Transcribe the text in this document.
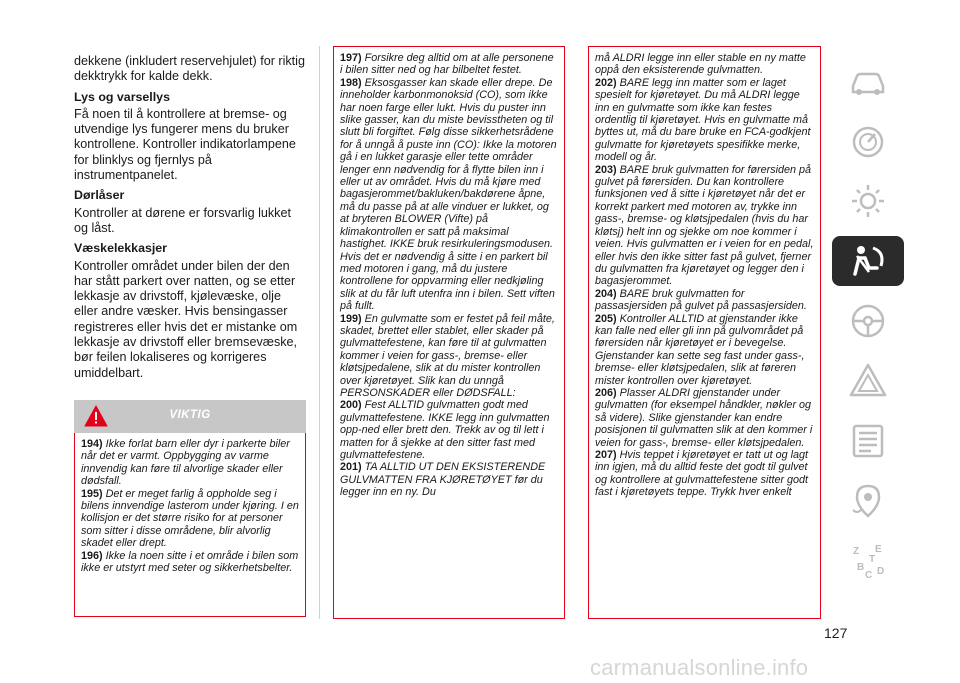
dekkene (inkludert reservehjulet) for riktig dekktrykk for kalde dekk.

Lys og varsellys

Få noen til å kontrollere at bremse- og utvendige lys fungerer mens du bruker kontrollene. Kontroller indikatorlampene for blinklys og fjernlys på instrumentpanelet.

Dørlåser

Kontroller at dørene er forsvarlig lukket og låst.

Væskelekkasjer

Kontroller området under bilen der den har stått parkert over natten, og se etter lekkasje av drivstoff, kjølevæske, olje eller andre væsker. Hvis bensingasser registreres eller hvis det er mistanke om lekkasje av drivstoff eller bremsevæske, bør feilen lokaliseres og korrigeres umiddelbart.

VIKTIG

194) Ikke forlat barn eller dyr i parkerte biler når det er varmt. Oppbygging av varme innvendig kan føre til alvorlige skader eller dødsfall.

195) Det er meget farlig å oppholde seg i bilens innvendige lasterom under kjøring. I en kollisjon er det større risiko for at personer som sitter i disse områdene, blir alvorlig skadet eller drept.

196) Ikke la noen sitte i et område i bilen som ikke er utstyrt med seter og sikkerhetsbelter.

197) Forsikre deg alltid om at alle personene i bilen sitter ned og har bilbeltet festet.

198) Eksosgasser kan skade eller drepe. De inneholder karbonmonoksid (CO), som ikke har noen farge eller lukt. Hvis du puster inn slike gasser, kan du miste bevisstheten og til slutt bli forgiftet. Følg disse sikkerhetsrådene for å unngå å puste inn (CO): Ikke la motoren gå i en lukket garasje eller tette områder lenger enn nødvendig for å flytte bilen inn i eller ut av området. Hvis du må kjøre med bagasjerommet/bakluken/bakdørene åpne, må du passe på at alle vinduer er lukket, og at bryteren BLOWER (Vifte) på klimakontrollen er satt på maksimal hastighet. IKKE bruk resirkuleringsmodusen. Hvis det er nødvendig å sitte i en parkert bil med motoren i gang, må du justere kontrollene for oppvarming eller nedkjøling slik at du får luft utenfra inn i bilen. Sett viften på fullt.

199) En gulvmatte som er festet på feil måte, skadet, brettet eller stablet, eller skader på gulvmattefestene, kan føre til at gulvmatten kommer i veien for gass-, bremse- eller kløtsjpedalene, slik at du mister kontrollen over kjøretøyet. Slik kan du unngå PERSONSKADER eller DØDSFALL:

200) Fest ALLTID gulvmatten godt med gulvmattefestene. IKKE legg inn gulvmatten opp-ned eller brett den. Trekk av og til lett i matten for å sjekke at den sitter fast med gulvmattefestene.

201) TA ALLTID UT DEN EKSISTERENDE GULVMATTEN FRA KJØRETØYET før du legger inn en ny. Du

må ALDRI legge inn eller stable en ny matte oppå den eksisterende gulvmatten.

202) BARE legg inn matter som er laget spesielt for kjøretøyet. Du må ALDRI legge inn en gulvmatte som ikke kan festes ordentlig til kjøretøyet. Hvis en gulvmatte må byttes ut, må du bare bruke en FCA-godkjent gulvmatte for kjøretøyets spesifikke merke, modell og år.

203) BARE bruk gulvmatten for førersiden på gulvet på førersiden. Du kan kontrollere funksjonen ved å sitte i kjøretøyet når det er korrekt parkert med motoren av, trykke inn gass-, bremse- og kløtsjpedalen (hvis du har kløtsj) helt inn og sjekke om noe kommer i veien. Hvis gulvmatten er i veien for en pedal, eller hvis den ikke sitter fast på gulvet, fjerner du gulvmatten fra kjøretøyet og legger den i bagasjerommet.

204) BARE bruk gulvmatten for passasjersiden på gulvet på passasjersiden.

205) Kontroller ALLTID at gjenstander ikke kan falle ned eller gli inn på gulvområdet på førersiden når kjøretøyet er i bevegelse. Gjenstander kan sette seg fast under gass-, bremse- eller kløtsjpedalen, slik at føreren mister kontrollen over kjøretøyet.

206) Plasser ALDRI gjenstander under gulvmatten (for eksempel håndkler, nøkler og så videre). Slike gjenstander kan endre posisjonen til gulvmatten slik at den kommer i veien for gass-, bremse- eller kløtsjpedalen.

207) Hvis teppet i kjøretøyet er tatt ut og lagt inn igjen, må du alltid feste det godt til gulvet og kontrollere at gulvmattefestene sitter godt fast i kjøretøyets teppe. Trykk hver enkelt

Z E
B
C D
T
127
carmanualsonline.info
